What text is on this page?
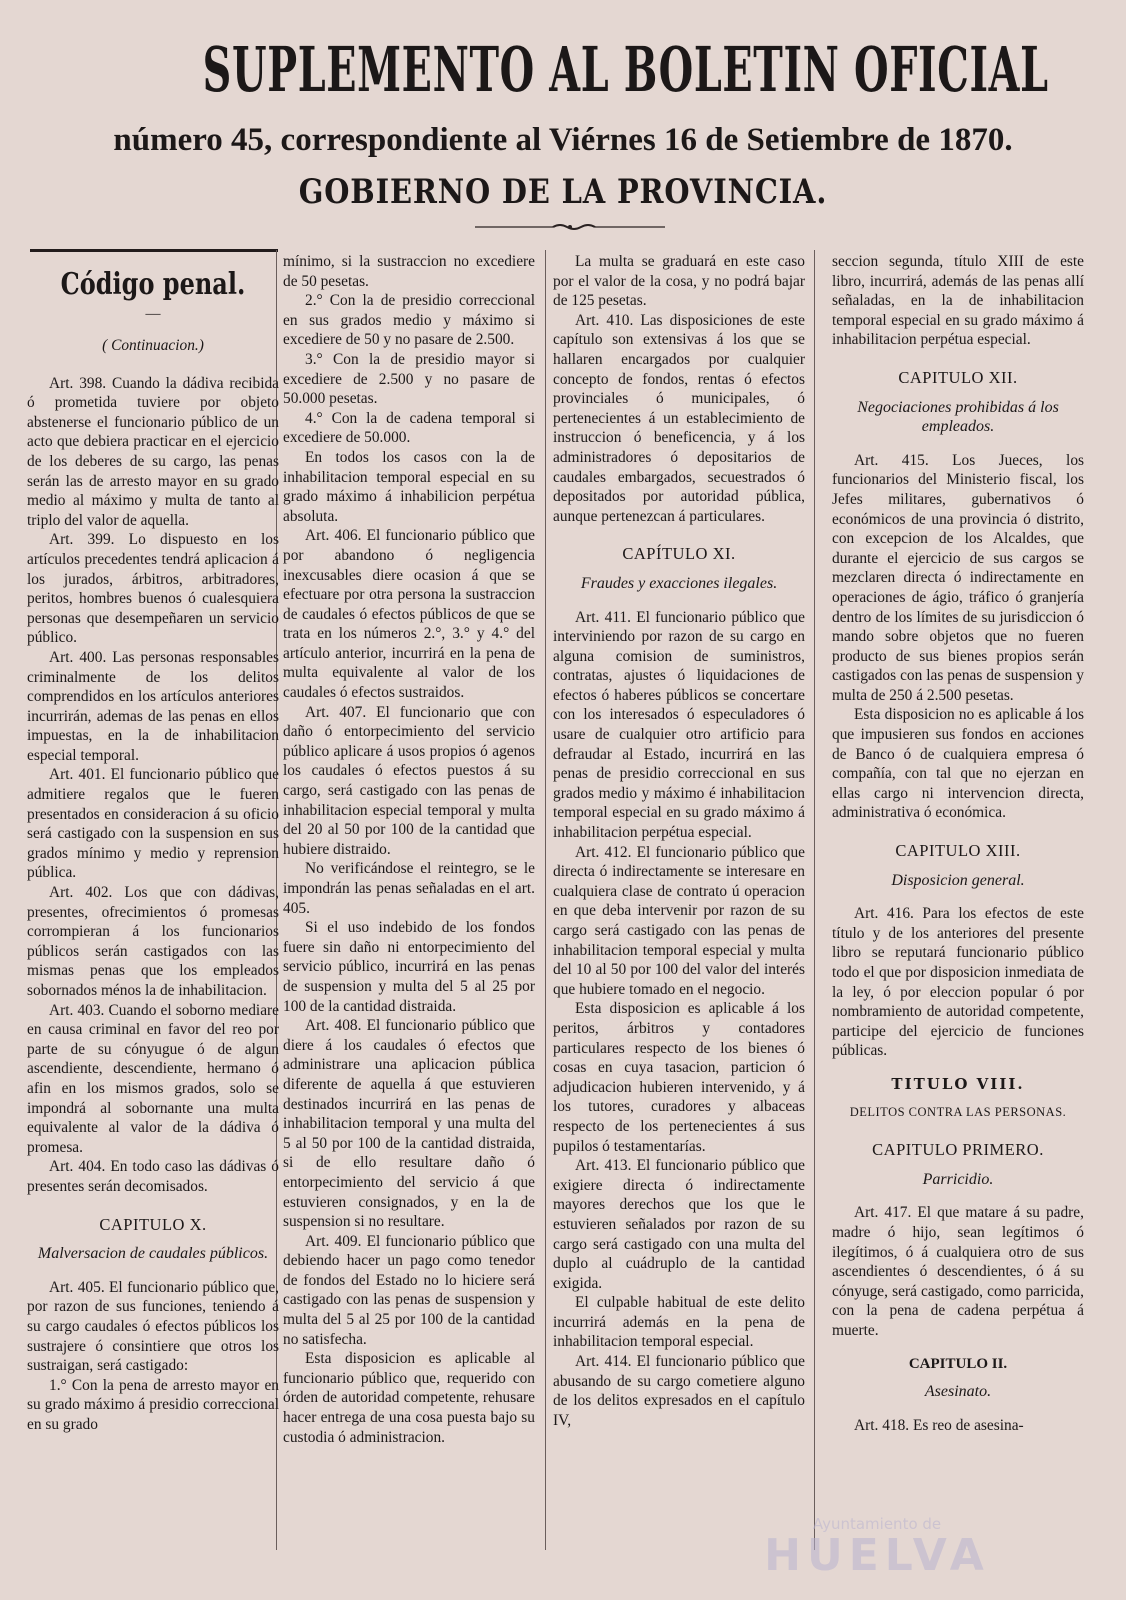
SUPLEMENTO AL BOLETIN OFICIAL
número 45, correspondiente al Viérnes 16 de Setiembre de 1870.
GOBIERNO DE LA PROVINCIA.
Código penal.
—
( Continuacion.)

Art. 398. Cuando la dádiva recibida ó prometida tuviere por objeto abstenerse el funcionario público de un acto que debiera practicar en el ejercicio de los deberes de su cargo, las penas serán las de arresto mayor en su grado medio al máximo y multa de tanto al triplo del valor de aquella.

Art. 399. Lo dispuesto en los artículos precedentes tendrá aplicacion á los jurados, árbitros, arbitradores, peritos, hombres buenos ó cualesquiera personas que desempeñaren un servicio público.

Art. 400. Las personas responsables criminalmente de los delitos comprendidos en los artículos anteriores incurrirán, ademas de las penas en ellos impuestas, en la de inhabilitacion especial temporal.

Art. 401. El funcionario público que admitiere regalos que le fueren presentados en consideracion á su oficio será castigado con la suspension en sus grados mínimo y medio y reprension pública.

Art. 402. Los que con dádivas, presentes, ofrecimientos ó promesas corrompieran á los funcionarios públicos serán castigados con las mismas penas que los empleados sobornados ménos la de inhabilitacion.

Art. 403. Cuando el soborno mediare en causa criminal en favor del reo por parte de su cónyugue ó de algun ascendiente, descendiente, hermano ó afin en los mismos grados, solo se impondrá al sobornante una multa equivalente al valor de la dádiva ó promesa.

Art. 404. En todo caso las dádivas ó presentes serán decomisados.

CAPITULO X.
Malversacion de caudales públicos.

Art. 405. El funcionario público que, por razon de sus funciones, teniendo á su cargo caudales ó efectos públicos los sustrajere ó consintiere que otros los sustraigan, será castigado:

1.° Con la pena de arresto mayor en su grado máximo á presidio correccional en su grado

mínimo, si la sustraccion no excediere de 50 pesetas.

2.° Con la de presidio correccional en sus grados medio y máximo si excediere de 50 y no pasare de 2.500.

3.° Con la de presidio mayor si excediere de 2.500 y no pasare de 50.000 pesetas.

4.° Con la de cadena temporal si excediere de 50.000.

En todos los casos con la de inhabilitacion temporal especial en su grado máximo á inhabilicion perpétua absoluta.

Art. 406. El funcionario público que por abandono ó negligencia inexcusables diere ocasion á que se efectuare por otra persona la sustraccion de caudales ó efectos públicos de que se trata en los números 2.°, 3.° y 4.° del artículo anterior, incurrirá en la pena de multa equivalente al valor de los caudales ó efectos sustraidos.

Art. 407. El funcionario que con daño ó entorpecimiento del servicio público aplicare á usos propios ó agenos los caudales ó efectos puestos á su cargo, será castigado con las penas de inhabilitacion especial temporal y multa del 20 al 50 por 100 de la cantidad que hubiere distraido.

No verificándose el reintegro, se le impondrán las penas señaladas en el art. 405.

Si el uso indebido de los fondos fuere sin daño ni entorpecimiento del servicio público, incurrirá en las penas de suspension y multa del 5 al 25 por 100 de la cantidad distraida.

Art. 408. El funcionario público que diere á los caudales ó efectos que administrare una aplicacion pública diferente de aquella á que estuvieren destinados incurrirá en las penas de inhabilitacion temporal y una multa del 5 al 50 por 100 de la cantidad distraida, si de ello resultare daño ó entorpecimiento del servicio á que estuvieren consignados, y en la de suspension si no resultare.

Art. 409. El funcionario público que debiendo hacer un pago como tenedor de fondos del Estado no lo hiciere será castigado con las penas de suspension y multa del 5 al 25 por 100 de la cantidad no satisfecha.

Esta disposicion es aplicable al funcionario público que, requerido con órden de autoridad competente, rehusare hacer entrega de una cosa puesta bajo su custodia ó administracion.

La multa se graduará en este caso por el valor de la cosa, y no podrá bajar de 125 pesetas.

Art. 410. Las disposiciones de este capítulo son extensivas á los que se hallaren encargados por cualquier concepto de fondos, rentas ó efectos provinciales ó municipales, ó pertenecientes á un establecimiento de instruccion ó beneficencia, y á los administradores ó depositarios de caudales embargados, secuestrados ó depositados por autoridad pública, aunque pertenezcan á particulares.

CAPÍTULO XI.
Fraudes y exacciones ilegales.

Art. 411. El funcionario público que interviniendo por razon de su cargo en alguna comision de suministros, contratas, ajustes ó liquidaciones de efectos ó haberes públicos se concertare con los interesados ó especuladores ó usare de cualquier otro artificio para defraudar al Estado, incurrirá en las penas de presidio correccional en sus grados medio y máximo é inhabilitacion temporal especial en su grado máximo á inhabilitacion perpétua especial.

Art. 412. El funcionario público que directa ó indirectamente se interesare en cualquiera clase de contrato ú operacion en que deba intervenir por razon de su cargo será castigado con las penas de inhabilitacion temporal especial y multa del 10 al 50 por 100 del valor del interés que hubiere tomado en el negocio.

Esta disposicion es aplicable á los peritos, árbitros y contadores particulares respecto de los bienes ó cosas en cuya tasacion, particion ó adjudicacion hubieren intervenido, y á los tutores, curadores y albaceas respecto de los pertenecientes á sus pupilos ó testamentarías.

Art. 413. El funcionario público que exigiere directa ó indirectamente mayores derechos que los que le estuvieren señalados por razon de su cargo será castigado con una multa del duplo al cuádruplo de la cantidad exigida.

El culpable habitual de este delito incurrirá además en la pena de inhabilitacion temporal especial.

Art. 414. El funcionario público que abusando de su cargo cometiere alguno de los delitos expresados en el capítulo IV,

seccion segunda, título XIII de este libro, incurrirá, además de las penas allí señaladas, en la de inhabilitacion temporal especial en su grado máximo á inhabilitacion perpétua especial.

CAPITULO XII.
Negociaciones prohibidas á los empleados.

Art. 415. Los Jueces, los funcionarios del Ministerio fiscal, los Jefes militares, gubernativos ó económicos de una provincia ó distrito, con excepcion de los Alcaldes, que durante el ejercicio de sus cargos se mezclaren directa ó indirectamente en operaciones de ágio, tráfico ó granjería dentro de los límites de su jurisdiccion ó mando sobre objetos que no fueren producto de sus bienes propios serán castigados con las penas de suspension y multa de 250 á 2.500 pesetas.

Esta disposicion no es aplicable á los que impusieren sus fondos en acciones de Banco ó de cualquiera empresa ó compañía, con tal que no ejerzan en ellas cargo ni intervencion directa, administrativa ó económica.

CAPITULO XIII.
Disposicion general.

Art. 416. Para los efectos de este título y de los anteriores del presente libro se reputará funcionario público todo el que por disposicion inmediata de la ley, ó por eleccion popular ó por nombramiento de autoridad competente, participe del ejercicio de funciones públicas.

TITULO VIII.
DELITOS CONTRA LAS PERSONAS.
CAPITULO PRIMERO.
Parricidio.

Art. 417. El que matare á su padre, madre ó hijo, sean legítimos ó ilegítimos, ó á cualquiera otro de sus ascendientes ó descendientes, ó á su cónyuge, será castigado, como parricida, con la pena de cadena perpétua á muerte.

CAPITULO II.
Asesinato.

Art. 418. Es reo de asesina-

Ayuntamiento de
HUELVA
